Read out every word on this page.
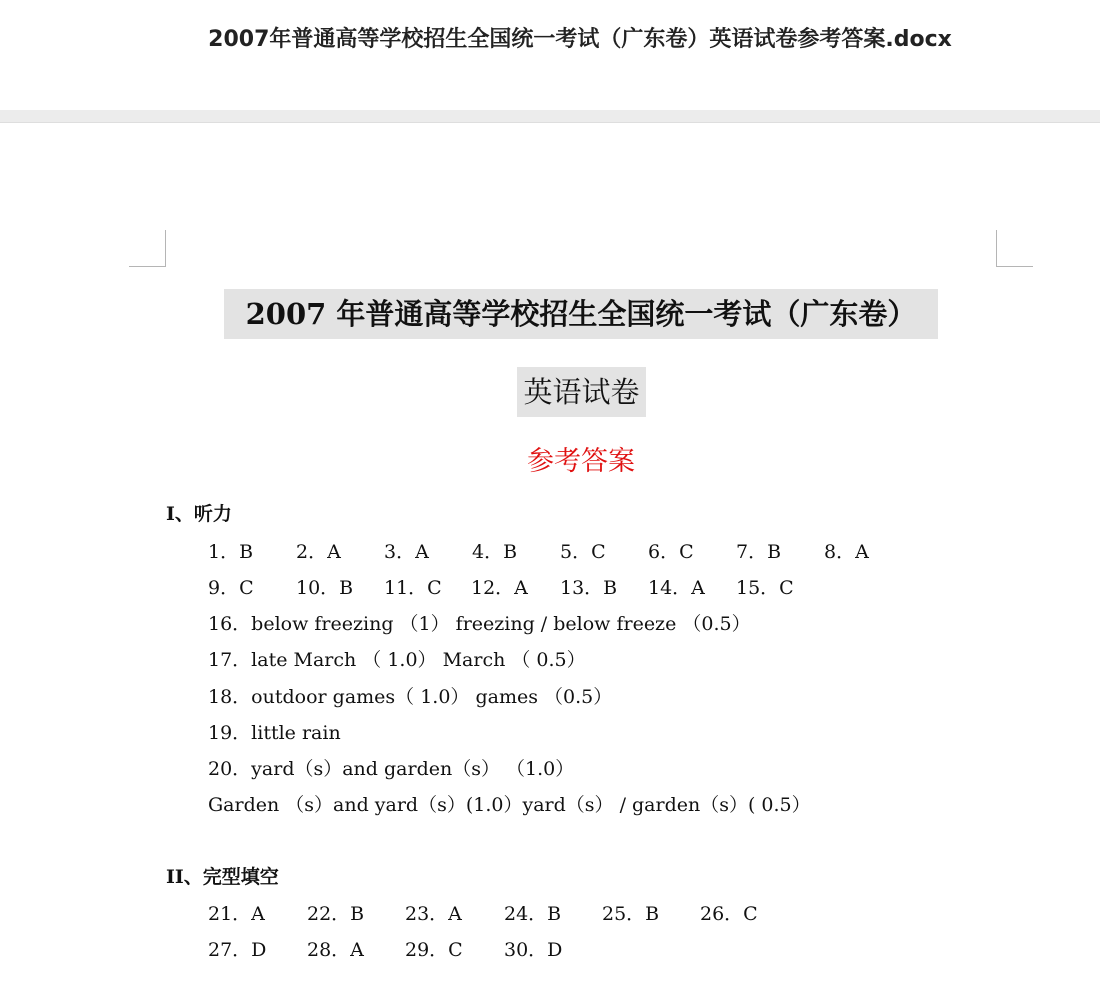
2007年普通高等学校招生全国统一考试（广东卷）英语试卷参考答案.docx
2007 年普通高等学校招生全国统一考试（广东卷）
英语试卷
参考答案
I、听力
1．B 2．A 3．A 4．B 5．C 6．C 7．B 8．A
9．C 10．B 11．C 12．A 13．B 14．A 15．C
16．below freezing （1） freezing / below freeze （0.5）
17．late March （ 1.0） March （ 0.5）
18．outdoor games（ 1.0） games （0.5）
19．little rain
20．yard（s）and garden（s） （1.0）
Garden （s）and yard（s）(1.0）yard（s） / garden（s）( 0.5）
II、完型填空
21．A 22．B 23．A 24．B 25．B 26．C
27．D 28．A 29．C 30．D
